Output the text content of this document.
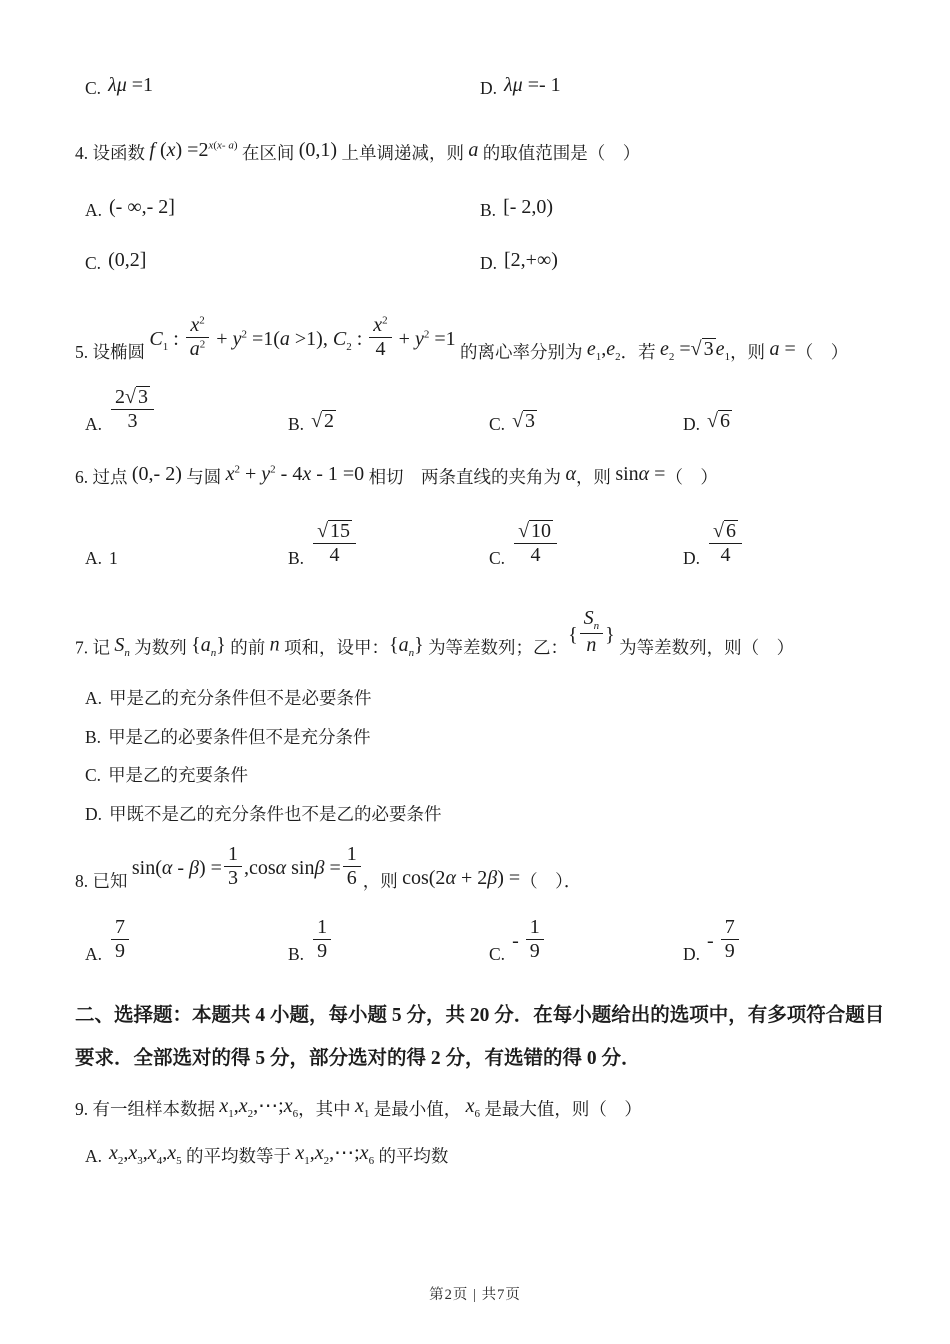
C. λμ =1	D. λμ =- 1

4. 设函数 f $(x) =2^{x(x- a)}$ 在区间 (0,1) 上单调递减，则 a 的取值范围是（　）

A. (- ∞,- 2]	B. [- 2,0)
C. (0,2]	D. [2,+∞)

5. 设椭圆 $C_1$ : $\frac{x^2}{a^2} + y^2 =1(a >1)$, $C_2$ : $\frac{x^2}{4} + y^2 =1$ 的离心率分别为 $e_1,e_2$．若 $e_2$ =√ 3 $e_1$，则 a =（　）

A. $\frac{2√ 3}{3}$	B. √ 2	C. √ 3	D. √ 6

6. 过点 (0,- 2) 与圆 $x^2 + y^2 - 4x - 1 =0$ 相切　两条直线的夹角为 α，则 sinα =（　）

A. 1	B. $\frac{√ 15}{4}$	C. $\frac{√ 10}{4}$	D. $\frac{√ 6}{4}$

7. 记 $S_n$ 为数列 $\{a_n\}$ 的前 n 项和，设甲：$\{a_n\}$ 为等差数列；乙：{ $\frac{S_n}{n}$ } 为等差数列，则（　）

A. 甲是乙的充分条件但不是必要条件
B. 甲是乙的必要条件但不是充分条件
C. 甲是乙的充要条件
D. 甲既不是乙的充分条件也不是乙的必要条件

8. 已知 $\sin(\alpha - \beta) = \frac{1}{3} ,\cos\alpha$ $\sin\beta = \frac{1}{6}$ ，则 cos(2α + 2β) =（　）．

A. $\frac{7}{9}$	B. $\frac{1}{9}$	$C.- \frac{1}{9}$	$D.- \frac{7}{9}$
二、选择题：本题共 4 小题，每小题 5 分，共 20 分．在每小题给出的选项中，有多项符合题目要求．全部选对的得 5 分，部分选对的得 2 分，有选错的得 0 分．

9. 有一组样本数据 $x_1,x_2,\cdots;x_6$，其中 $x_1$ 是最小值， $x_6$ 是最大值，则（　）

A. $x_2,x_3,x_4,x_5$ 的平均数等于 $x_1,x_2,\cdots;x_6$ 的平均数
第2页 | 共7页
